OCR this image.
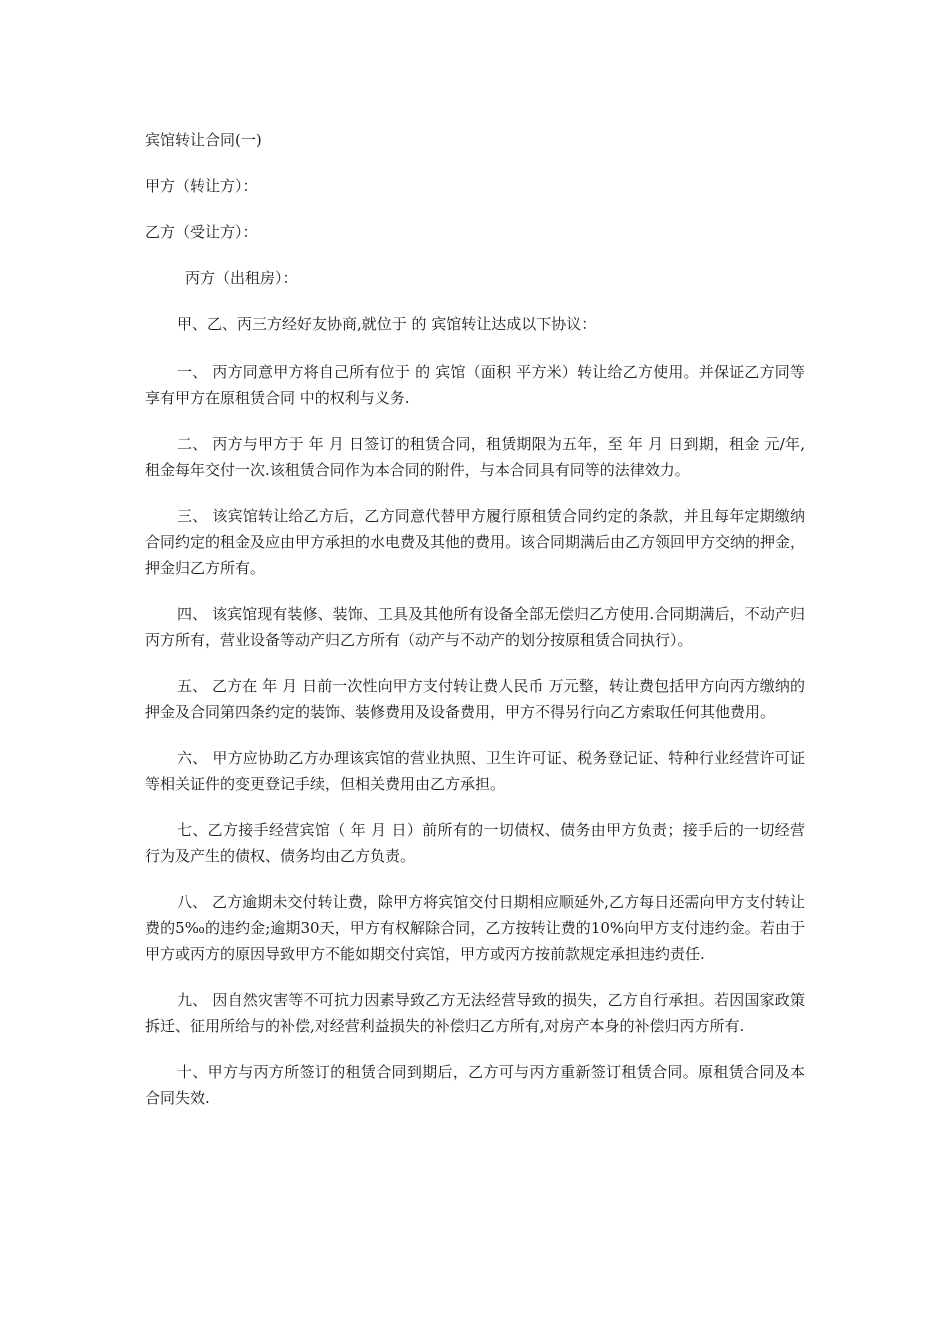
宾馆转让合同(一)
甲方（转让方）：
乙方（受让方）：
丙方（出租房）：
甲、乙、丙三方经好友协商,就位于 的 宾馆转让达成以下协议：
一、 丙方同意甲方将自己所有位于 的 宾馆（面积 平方米）转让给乙方使用。并保证乙方同等享有甲方在原租赁合同 中的权利与义务.
二、 丙方与甲方于 年 月 日签订的租赁合同，租赁期限为五年，至 年 月 日到期，租金 元/年,租金每年交付一次.该租赁合同作为本合同的附件，与本合同具有同等的法律效力。
三、 该宾馆转让给乙方后，乙方同意代替甲方履行原租赁合同约定的条款，并且每年定期缴纳合同约定的租金及应由甲方承担的水电费及其他的费用。该合同期满后由乙方领回甲方交纳的押金，押金归乙方所有。
四、 该宾馆现有装修、装饰、工具及其他所有设备全部无偿归乙方使用.合同期满后，不动产归丙方所有，营业设备等动产归乙方所有（动产与不动产的划分按原租赁合同执行）。
五、 乙方在 年 月 日前一次性向甲方支付转让费人民币 万元整，转让费包括甲方向丙方缴纳的押金及合同第四条约定的装饰、装修费用及设备费用，甲方不得另行向乙方索取任何其他费用。
六、 甲方应协助乙方办理该宾馆的营业执照、卫生许可证、税务登记证、特种行业经营许可证等相关证件的变更登记手续，但相关费用由乙方承担。
七、乙方接手经营宾馆（ 年 月 日）前所有的一切债权、债务由甲方负责；接手后的一切经营行为及产生的债权、债务均由乙方负责。
八、 乙方逾期未交付转让费，除甲方将宾馆交付日期相应顺延外,乙方每日还需向甲方支付转让费的5‰的违约金;逾期30天，甲方有权解除合同，乙方按转让费的10%向甲方支付违约金。若由于甲方或丙方的原因导致甲方不能如期交付宾馆，甲方或丙方按前款规定承担违约责任.
九、 因自然灾害等不可抗力因素导致乙方无法经营导致的损失，乙方自行承担。若因国家政策拆迁、征用所给与的补偿,对经营利益损失的补偿归乙方所有,对房产本身的补偿归丙方所有.
十、甲方与丙方所签订的租赁合同到期后，乙方可与丙方重新签订租赁合同。原租赁合同及本合同失效.
